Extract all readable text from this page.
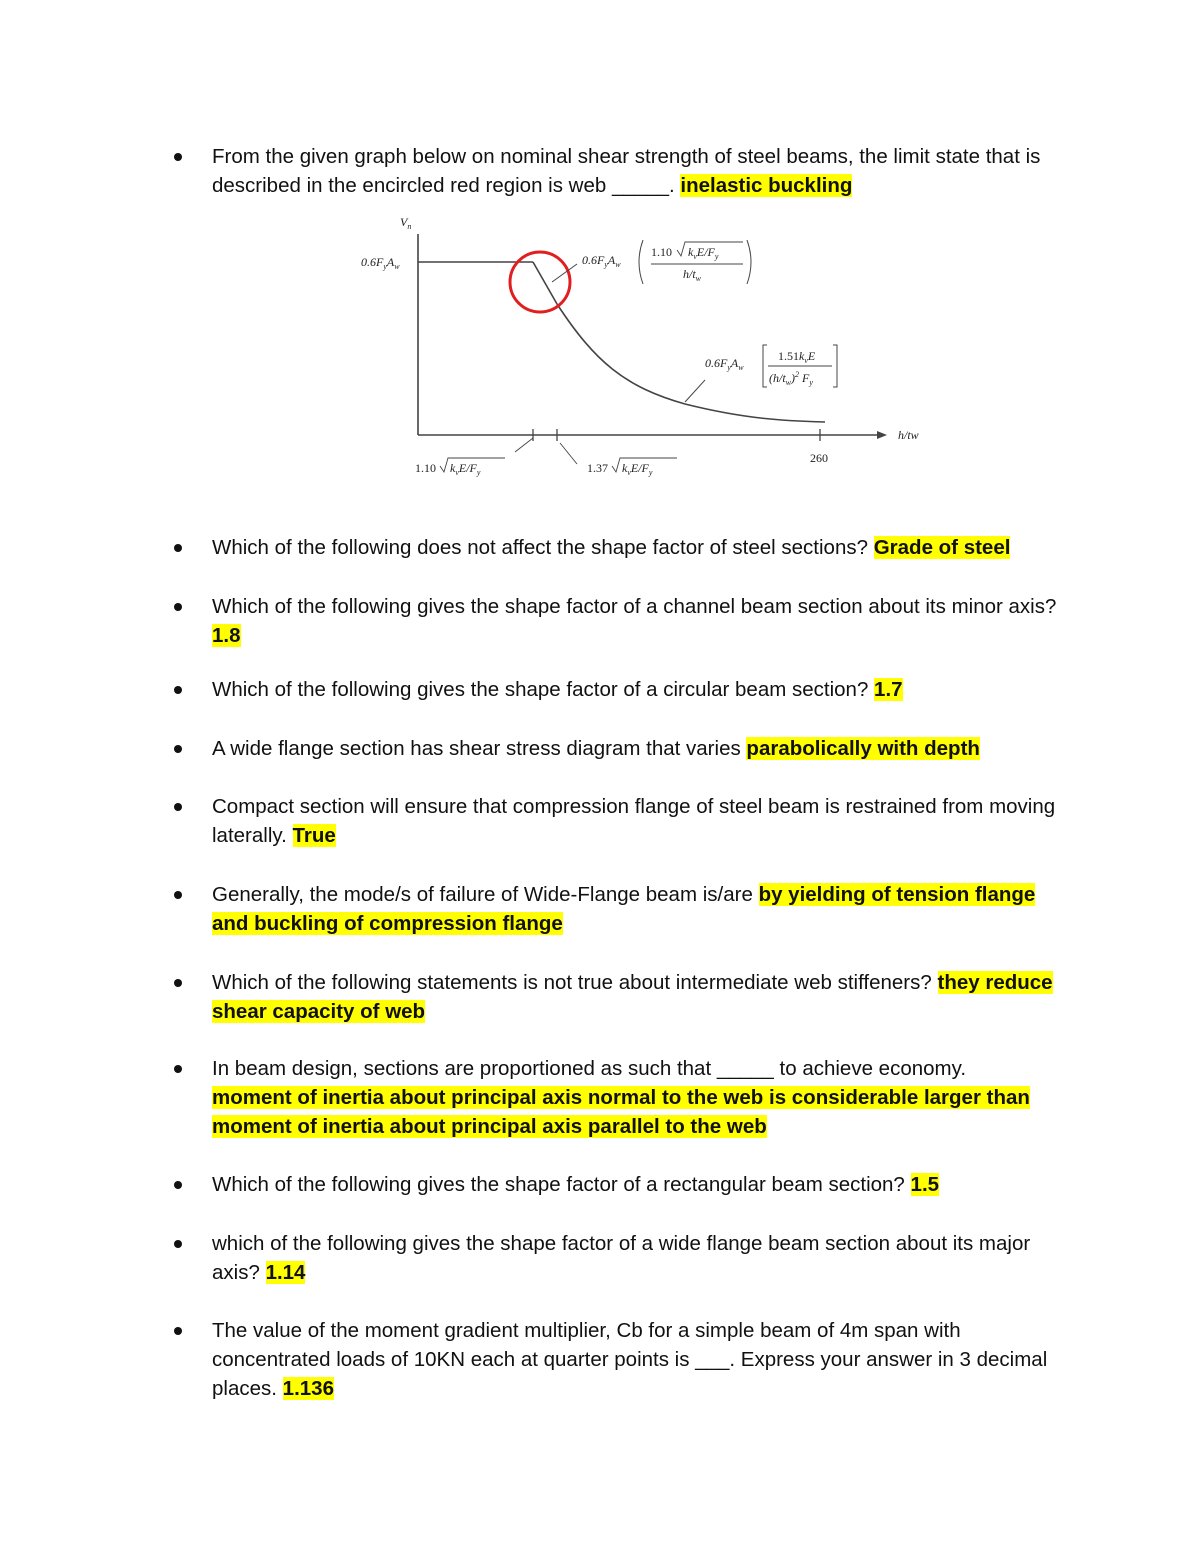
From the given graph below on nominal shear strength of steel beams, the limit state that is described in the encircled red region is web _____. inelastic buckling
$V_n$
h/tw
$0.6F_yA_w$	$0.6F_yA_w$
1.10 $k_vE/F_y$
$h/t_w$
$0.6F_yA_w$
$1.51k_vE$
$(h/t_w)^2$ $F_y$
1.10 $k_vE/F_y$	1.37 $k_vE/F_y$
260
Which of the following does not affect the shape factor of steel sections? Grade of steel
Which of the following gives the shape factor of a channel beam section about its minor axis? 1.8
Which of the following gives the shape factor of a circular beam section? 1.7
A wide flange section has shear stress diagram that varies parabolically with depth
Compact section will ensure that compression flange of steel beam is restrained from moving laterally. True
Generally, the mode/s of failure of Wide-Flange beam is/are by yielding of tension flange and buckling of compression flange
Which of the following statements is not true about intermediate web stiffeners? they reduce shear capacity of web
In beam design, sections are proportioned as such that _____ to achieve economy.
moment of inertia about principal axis normal to the web is considerable larger than moment of inertia about principal axis parallel to the web
Which of the following gives the shape factor of a rectangular beam section? 1.5
which of the following gives the shape factor of a wide flange beam section about its major axis? 1.14
The value of the moment gradient multiplier, Cb for a simple beam of 4m span with concentrated loads of 10KN each at quarter points is ___. Express your answer in 3 decimal places. 1.136
